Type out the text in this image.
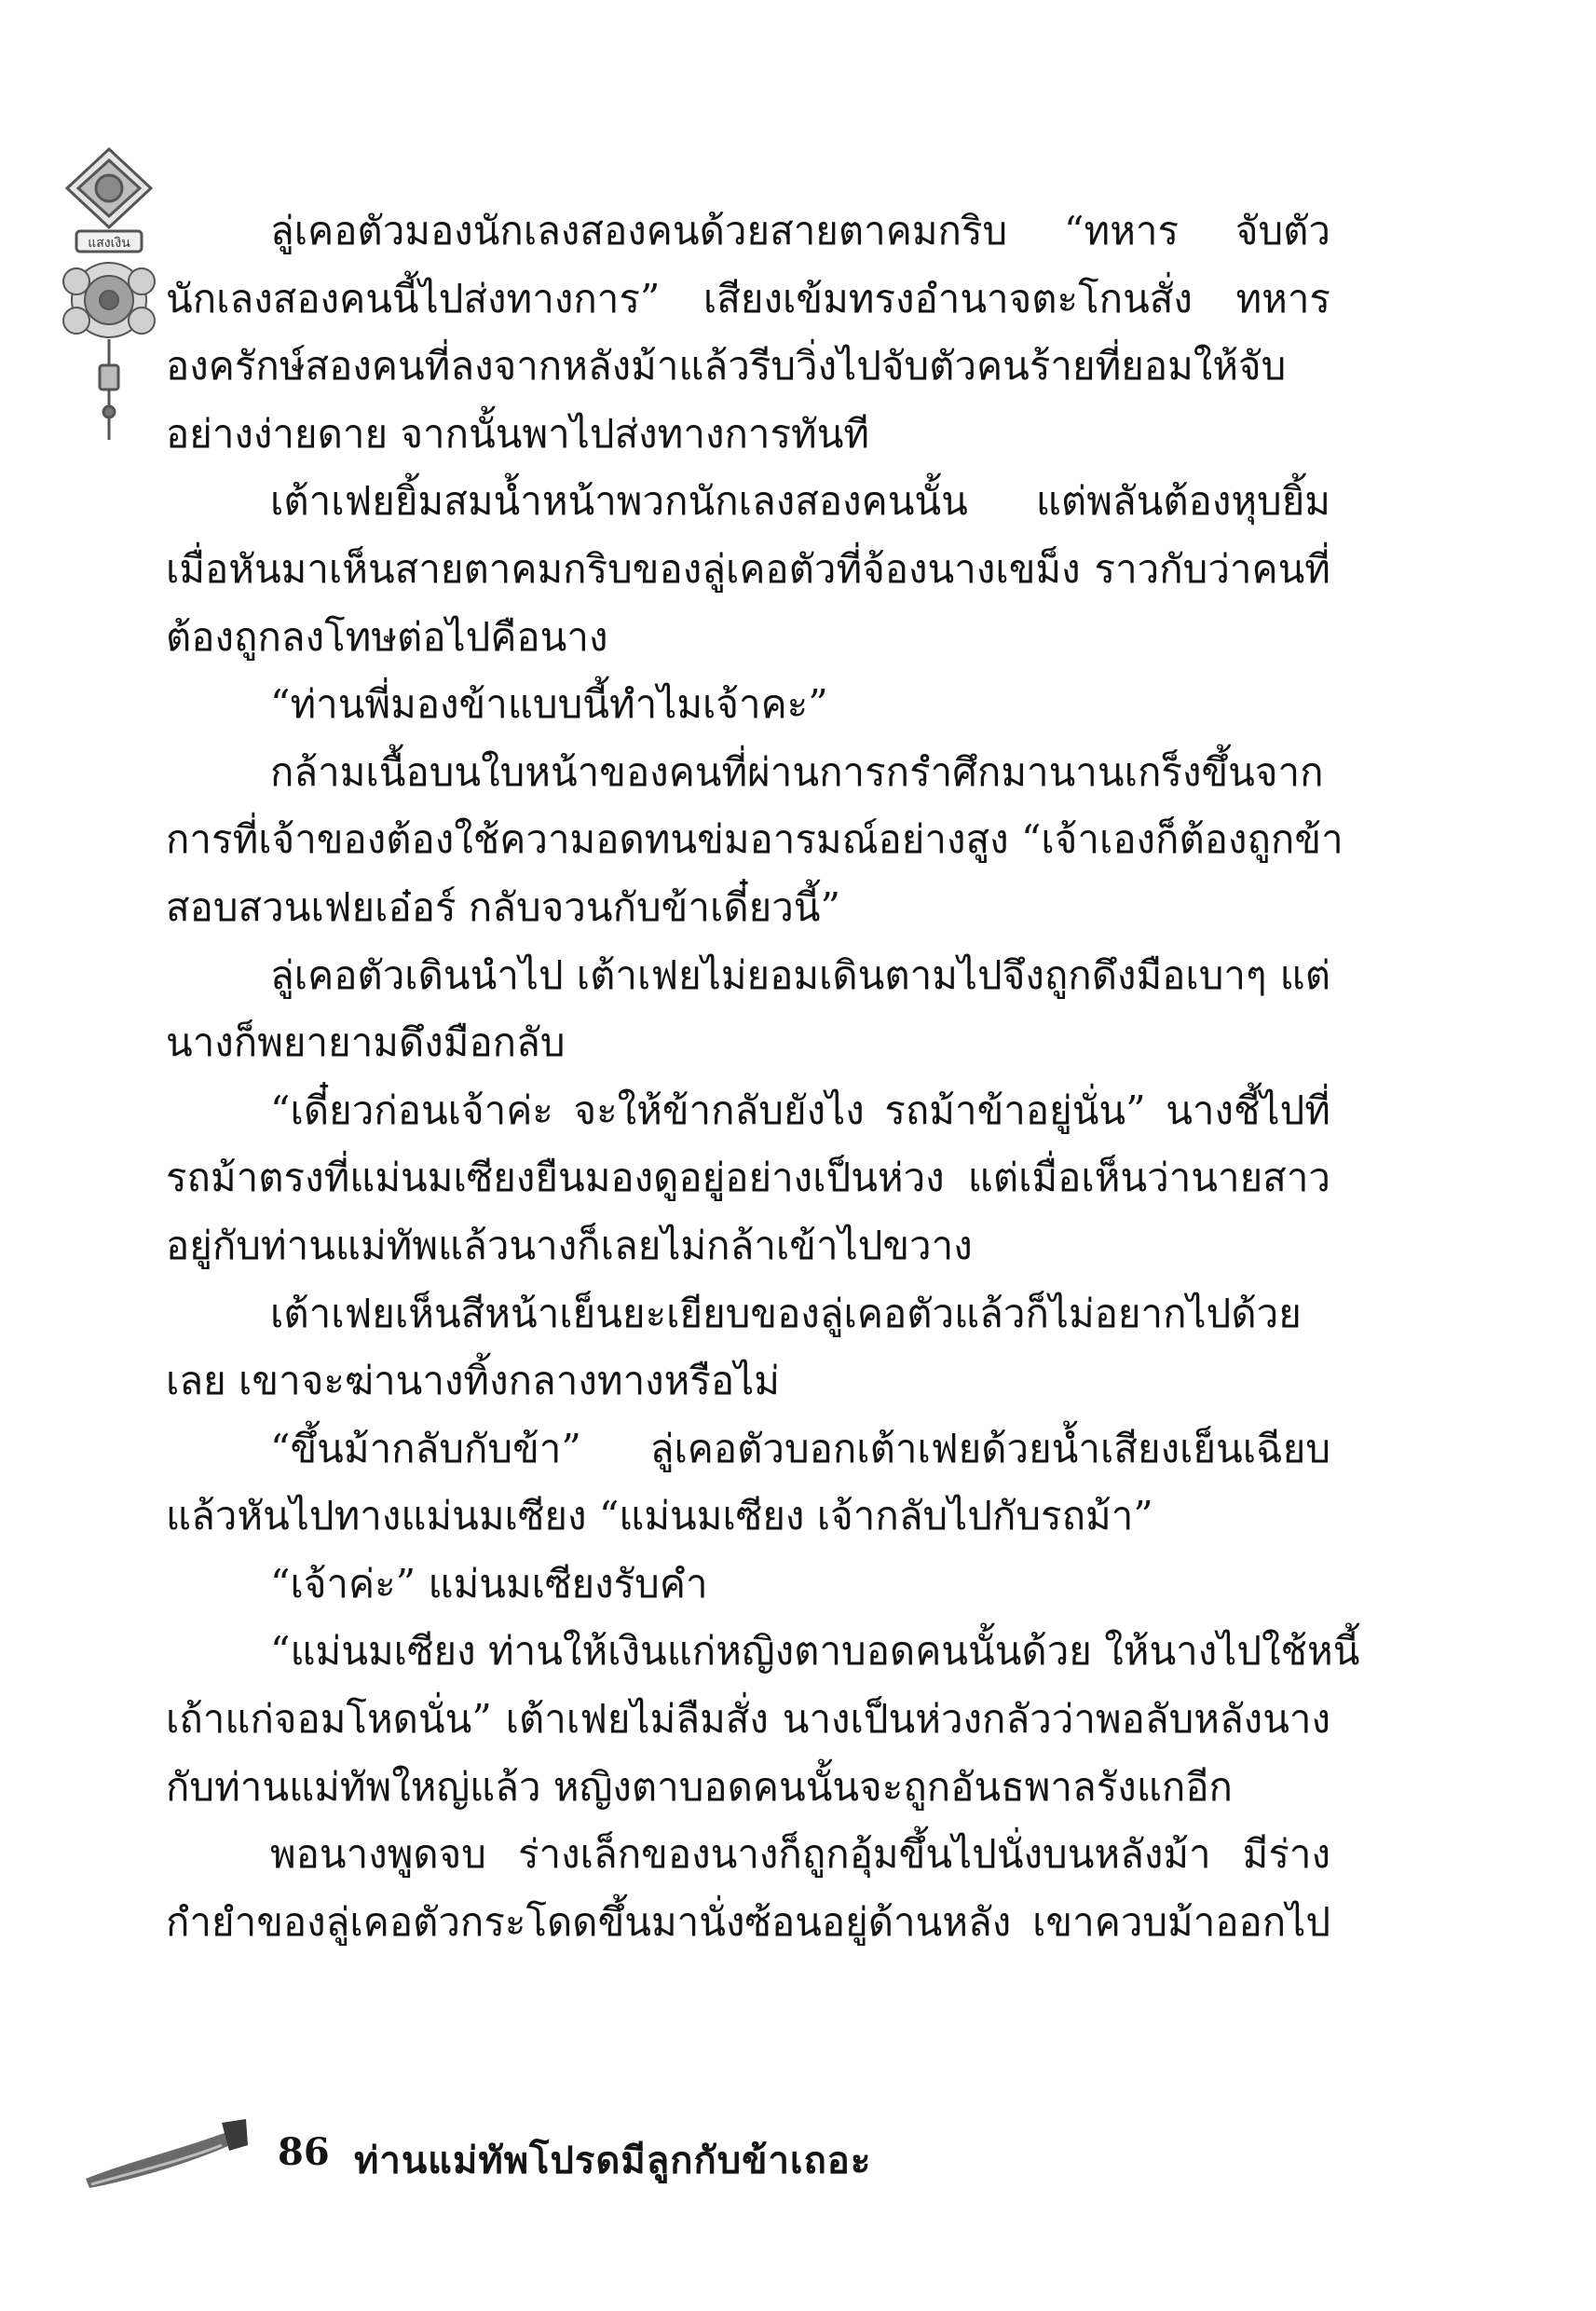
แสงเงิน	ลู่เคอตัวมองนักเลงสองคนด้วยสายตาคมกริบ “ทหาร จับตัว
นักเลงสองคนนี้ไปส่งทางการ” เสียงเข้มทรงอำนาจตะโกนสั่ง ทหาร
องครักษ์สองคนที่ลงจากหลังม้าแล้วรีบวิ่งไปจับตัวคนร้ายที่ยอมให้จับ
อย่างง่ายดาย จากนั้นพาไปส่งทางการทันที
เต้าเฟยยิ้มสมน้ำหน้าพวกนักเลงสองคนนั้น แต่พลันต้องหุบยิ้ม
เมื่อหันมาเห็นสายตาคมกริบของลู่เคอตัวที่จ้องนางเขม็ง ราวกับว่าคนที่
ต้องถูกลงโทษต่อไปคือนาง
“ท่านพี่มองข้าแบบนี้ทำไมเจ้าคะ”
กล้ามเนื้อบนใบหน้าของคนที่ผ่านการกรำศึกมานานเกร็งขึ้นจาก
การที่เจ้าของต้องใช้ความอดทนข่มอารมณ์อย่างสูง “เจ้าเองก็ต้องถูกข้า
สอบสวนเฟยเอ๋อร์ กลับจวนกับข้าเดี๋ยวนี้”
ลู่เคอตัวเดินนำไป เต้าเฟยไม่ยอมเดินตามไปจึงถูกดึงมือเบาๆ แต่
นางก็พยายามดึงมือกลับ
“เดี๋ยวก่อนเจ้าค่ะ จะให้ข้ากลับยังไง รถม้าข้าอยู่นั่น” นางชี้ไปที่
รถม้าตรงที่แม่นมเซียงยืนมองดูอยู่อย่างเป็นห่วง แต่เมื่อเห็นว่านายสาว
อยู่กับท่านแม่ทัพแล้วนางก็เลยไม่กล้าเข้าไปขวาง
เต้าเฟยเห็นสีหน้าเย็นยะเยียบของลู่เคอตัวแล้วก็ไม่อยากไปด้วย
เลย เขาจะฆ่านางทิ้งกลางทางหรือไม่
“ขึ้นม้ากลับกับข้า” ลู่เคอตัวบอกเต้าเฟยด้วยน้ำเสียงเย็นเฉียบ
แล้วหันไปทางแม่นมเซียง “แม่นมเซียง เจ้ากลับไปกับรถม้า”
“เจ้าค่ะ” แม่นมเซียงรับคำ
“แม่นมเซียง ท่านให้เงินแก่หญิงตาบอดคนนั้นด้วย ให้นางไปใช้หนี้
เถ้าแก่จอมโหดนั่น” เต้าเฟยไม่ลืมสั่ง นางเป็นห่วงกลัวว่าพอลับหลังนาง
กับท่านแม่ทัพใหญ่แล้ว หญิงตาบอดคนนั้นจะถูกอันธพาลรังแกอีก
พอนางพูดจบ ร่างเล็กของนางก็ถูกอุ้มขึ้นไปนั่งบนหลังม้า มีร่าง
กำยำของลู่เคอตัวกระโดดขึ้นมานั่งซ้อนอยู่ด้านหลัง เขาควบม้าออกไป
86 ท่านแม่ทัพโปรดมีลูกกับข้าเถอะ
